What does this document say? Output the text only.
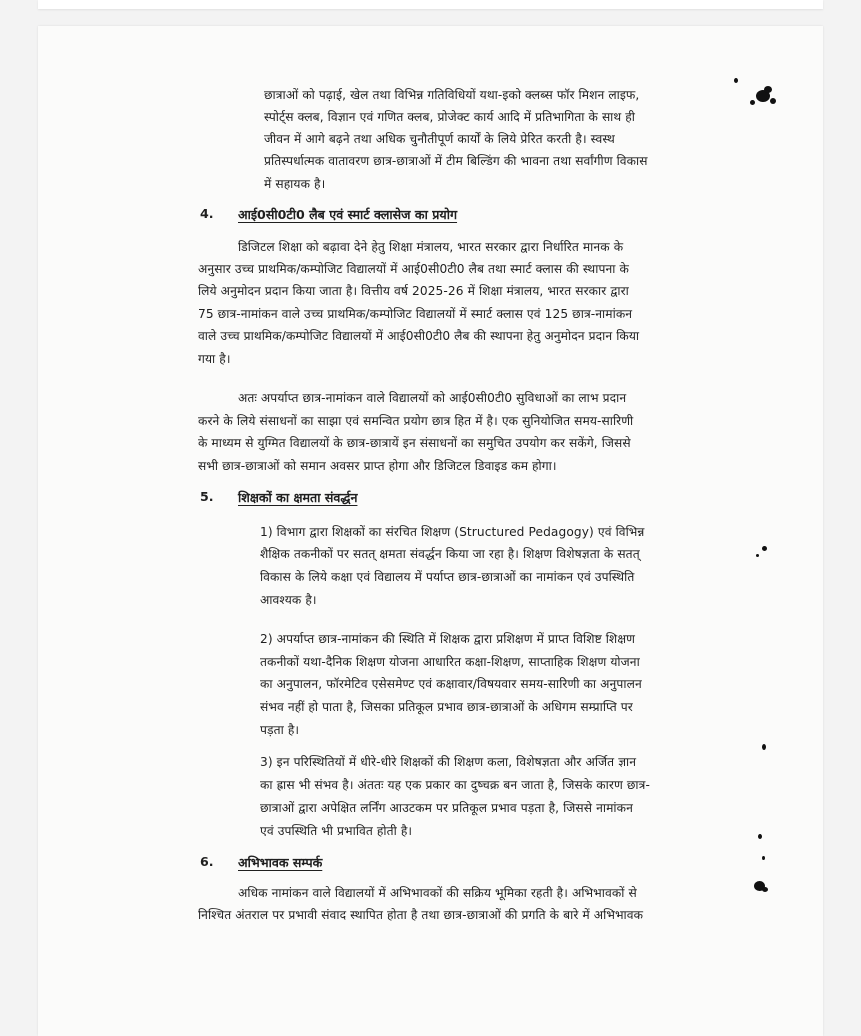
छात्राओं को पढ़ाई, खेल तथा विभिन्न गतिविधियों यथा-इको क्लब्स फॉर मिशन लाइफ,
स्पोर्ट्स क्लब, विज्ञान एवं गणित क्लब, प्रोजेक्ट कार्य आदि में प्रतिभागिता के साथ ही
जीवन में आगे बढ़ने तथा अधिक चुनौतीपूर्ण कार्यों के लिये प्रेरित करती है। स्वस्थ
प्रतिस्पर्धात्मक वातावरण छात्र-छात्राओं में टीम बिल्डिंग की भावना तथा सर्वांगीण विकास
में सहायक है।
4. आई0सी0टी0 लैब एवं स्मार्ट क्लासेज का प्रयोग
डिजिटल शिक्षा को बढ़ावा देने हेतु शिक्षा मंत्रालय, भारत सरकार द्वारा निर्धारित मानक के
अनुसार उच्च प्राथमिक/कम्पोजिट विद्यालयों में आई0सी0टी0 लैब तथा स्मार्ट क्लास की स्थापना के
लिये अनुमोदन प्रदान किया जाता है। वित्तीय वर्ष 2025-26 में शिक्षा मंत्रालय, भारत सरकार द्वारा
75 छात्र-नामांकन वाले उच्च प्राथमिक/कम्पोजिट विद्यालयों में स्मार्ट क्लास एवं 125 छात्र-नामांकन
वाले उच्च प्राथमिक/कम्पोजिट विद्यालयों में आई0सी0टी0 लैब की स्थापना हेतु अनुमोदन प्रदान किया
गया है।
अतः अपर्याप्त छात्र-नामांकन वाले विद्यालयों को आई0सी0टी0 सुविधाओं का लाभ प्रदान
करने के लिये संसाधनों का साझा एवं समन्वित प्रयोग छात्र हित में है। एक सुनियोजित समय-सारिणी
के माध्यम से युग्मित विद्यालयों के छात्र-छात्रायें इन संसाधनों का समुचित उपयोग कर सकेंगे, जिससे
सभी छात्र-छात्राओं को समान अवसर प्राप्त होगा और डिजिटल डिवाइड कम होगा।
5. शिक्षकों का क्षमता संवर्द्धन
1) विभाग द्वारा शिक्षकों का संरचित शिक्षण (Structured Pedagogy) एवं विभिन्न
शैक्षिक तकनीकों पर सतत् क्षमता संवर्द्धन किया जा रहा है। शिक्षण विशेषज्ञता के सतत्
विकास के लिये कक्षा एवं विद्यालय में पर्याप्त छात्र-छात्राओं का नामांकन एवं उपस्थिति
आवश्यक है।
2) अपर्याप्त छात्र-नामांकन की स्थिति में शिक्षक द्वारा प्रशिक्षण में प्राप्त विशिष्ट शिक्षण
तकनीकों यथा-दैनिक शिक्षण योजना आधारित कक्षा-शिक्षण, साप्ताहिक शिक्षण योजना
का अनुपालन, फॉरमेटिव एसेसमेण्ट एवं कक्षावार/विषयवार समय-सारिणी का अनुपालन
संभव नहीं हो पाता है, जिसका प्रतिकूल प्रभाव छात्र-छात्राओं के अधिगम सम्प्राप्ति पर
पड़ता है।
3) इन परिस्थितियों में धीरे-धीरे शिक्षकों की शिक्षण कला, विशेषज्ञता और अर्जित ज्ञान
का ह्रास भी संभव है। अंततः यह एक प्रकार का दुष्चक्र बन जाता है, जिसके कारण छात्र-
छात्राओं द्वारा अपेक्षित लर्निंग आउटकम पर प्रतिकूल प्रभाव पड़ता है, जिससे नामांकन
एवं उपस्थिति भी प्रभावित होती है।
6. अभिभावक सम्पर्क
अधिक नामांकन वाले विद्यालयों में अभिभावकों की सक्रिय भूमिका रहती है। अभिभावकों से
निश्चित अंतराल पर प्रभावी संवाद स्थापित होता है तथा छात्र-छात्राओं की प्रगति के बारे में अभिभावक
